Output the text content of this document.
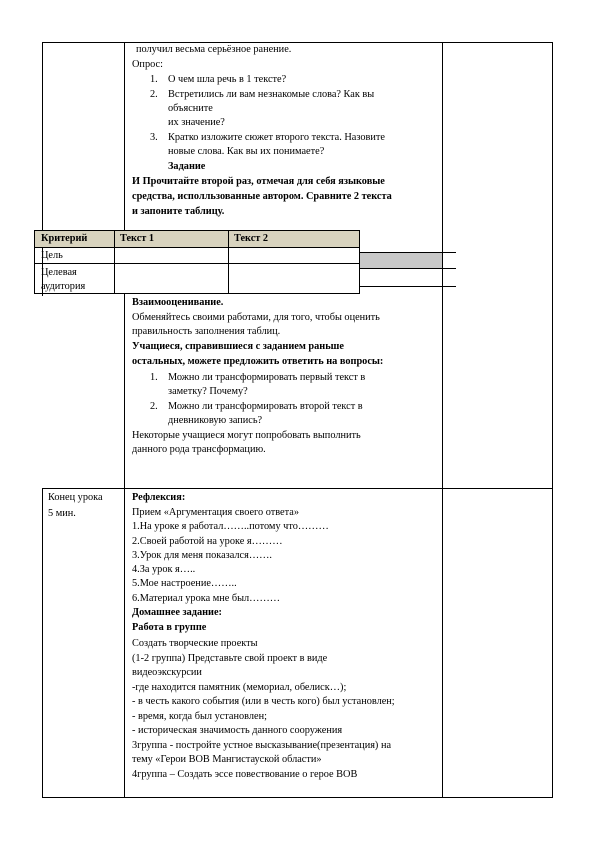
получил весьма серьёзное ранение.
Опрос:
1. О чем шла речь в 1 тексте?
2. Встретились ли вам незнакомые слова? Как вы
объясните
их значение?
3. Кратко изложите сюжет второго текста. Назовите
новые слова. Как вы их понимаете?
Задание
И Прочитайте второй раз, отмечая для себя языковые
средства, исполльзованные автором. Сравните 2 текста
и запоните таблицу.
Критерий	Текст 1	Текст 2
Цель
Целевая
аудитория
Взаимооценивание.
Обменяйтесь своими работами, для того, чтобы оценить
правильность заполнения таблиц.
Учащиеся, справившиеся с заданием раньше
остальных, можете предложить ответить на вопросы:
1. Можно ли трансформировать первый текст в
заметку? Почему?
2. Можно ли трансформировать второй текст в
дневниковую запись?
Некоторые учащиеся могут попробовать выполнить
данного рода трансформацию.
Конец урока
5 мин.
Рефлексия:
Прием «Аргументация своего ответа»
1.На уроке я работал……..потому что………
2.Своей работой на уроке я………
3.Урок для меня показался…….
4.За урок я…..
5.Мое настроение……..
6.Материал урока мне был………
Домашнее задание:
Работа в группе
Создать творческие проекты
(1-2 группа) Представьте свой проект в виде
видеоэкскурсии
-где находится памятник (мемориал, обелиск…);
- в честь какого события (или в честь кого) был установлен;
- время, когда был установлен;
- историческая значимость данного сооружения
3группа - постройте устное высказывание(презентация) на
тему «Герои ВОВ Мангистауской области»
4группа – Создать эссе повествование о герое ВОВ
